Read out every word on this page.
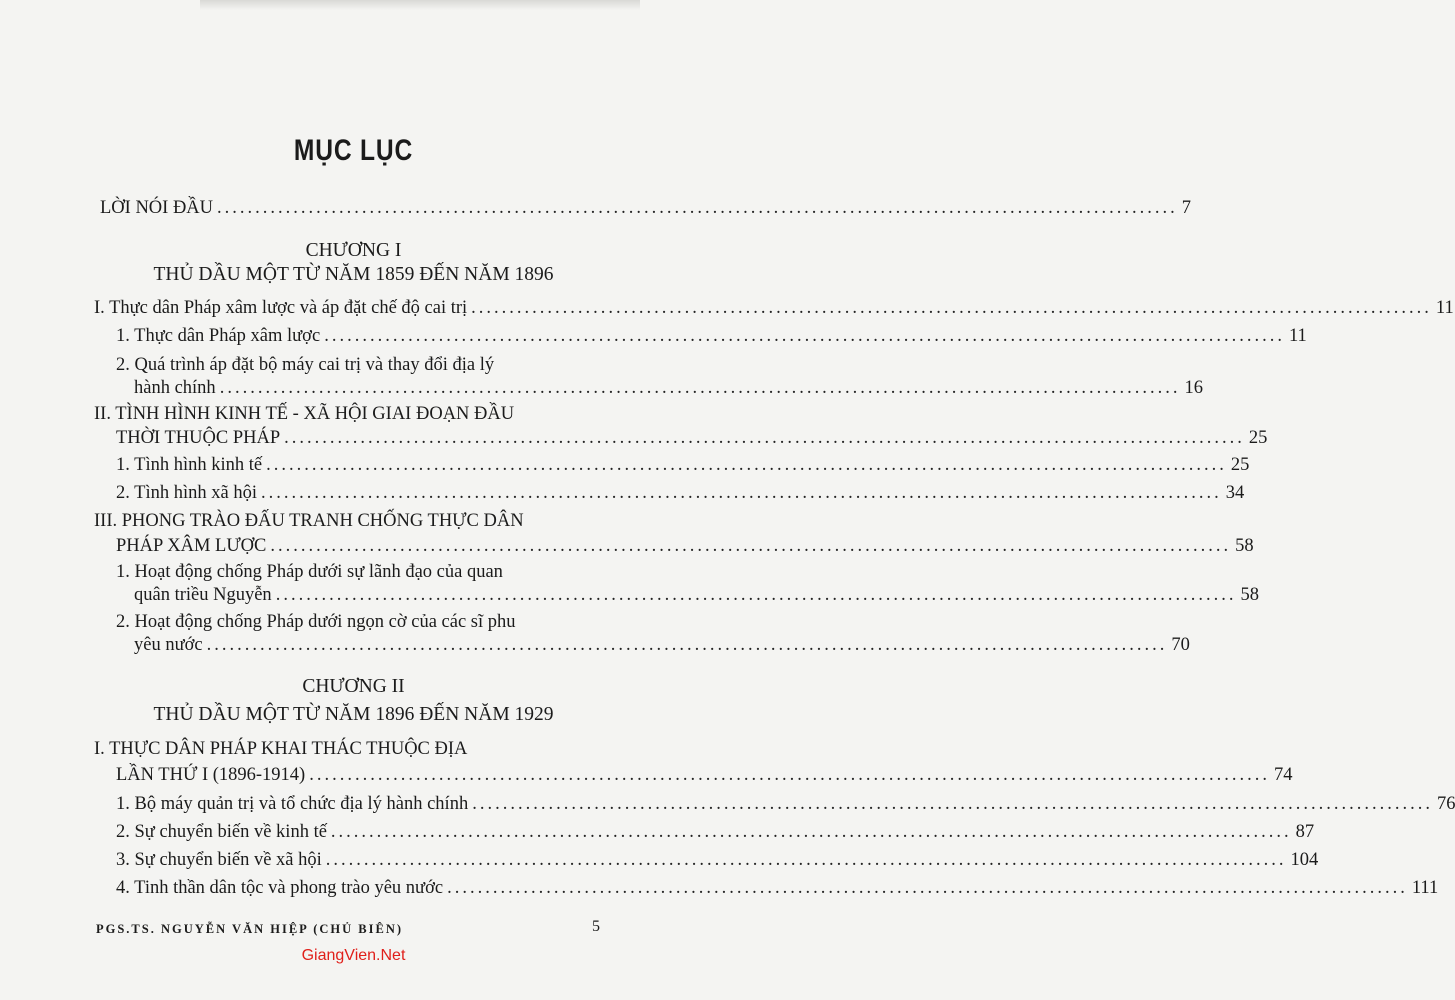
MỤC LỤC
LỜI NÓI ĐẦU .............................................................................................................................. 7
CHƯƠNG I
THỦ DẦU MỘT TỪ NĂM 1859 ĐẾN NĂM 1896
I. Thực dân Pháp xâm lược và áp đặt chế độ cai trị .............................................................................................................................. 11
1. Thực dân Pháp xâm lược .............................................................................................................................. 11
2. Quá trình áp đặt bộ máy cai trị và thay đổi địa lý
hành chính .............................................................................................................................. 16
II. TÌNH HÌNH KINH TẾ - XÃ HỘI GIAI ĐOẠN ĐẦU
THỜI THUỘC PHÁP .............................................................................................................................. 25
1. Tình hình kinh tế .............................................................................................................................. 25
2. Tình hình xã hội .............................................................................................................................. 34
III. PHONG TRÀO ĐẤU TRANH CHỐNG THỰC DÂN
PHÁP XÂM LƯỢC .............................................................................................................................. 58
1. Hoạt động chống Pháp dưới sự lãnh đạo của quan
quân triều Nguyễn .............................................................................................................................. 58
2. Hoạt động chống Pháp dưới ngọn cờ của các sĩ phu
yêu nước .............................................................................................................................. 70
CHƯƠNG II
THỦ DẦU MỘT TỪ NĂM 1896 ĐẾN NĂM 1929
I. THỰC DÂN PHÁP KHAI THÁC THUỘC ĐỊA
LẦN THỨ I (1896-1914) .............................................................................................................................. 74
1. Bộ máy quản trị và tổ chức địa lý hành chính .............................................................................................................................. 76
2. Sự chuyển biến về kinh tế .............................................................................................................................. 87
3. Sự chuyển biến về xã hội .............................................................................................................................. 104
4. Tinh thần dân tộc và phong trào yêu nước .............................................................................................................................. 111
PGS.TS. NGUYỄN VĂN HIỆP (CHỦ BIÊN)	5
GiangVien.Net
